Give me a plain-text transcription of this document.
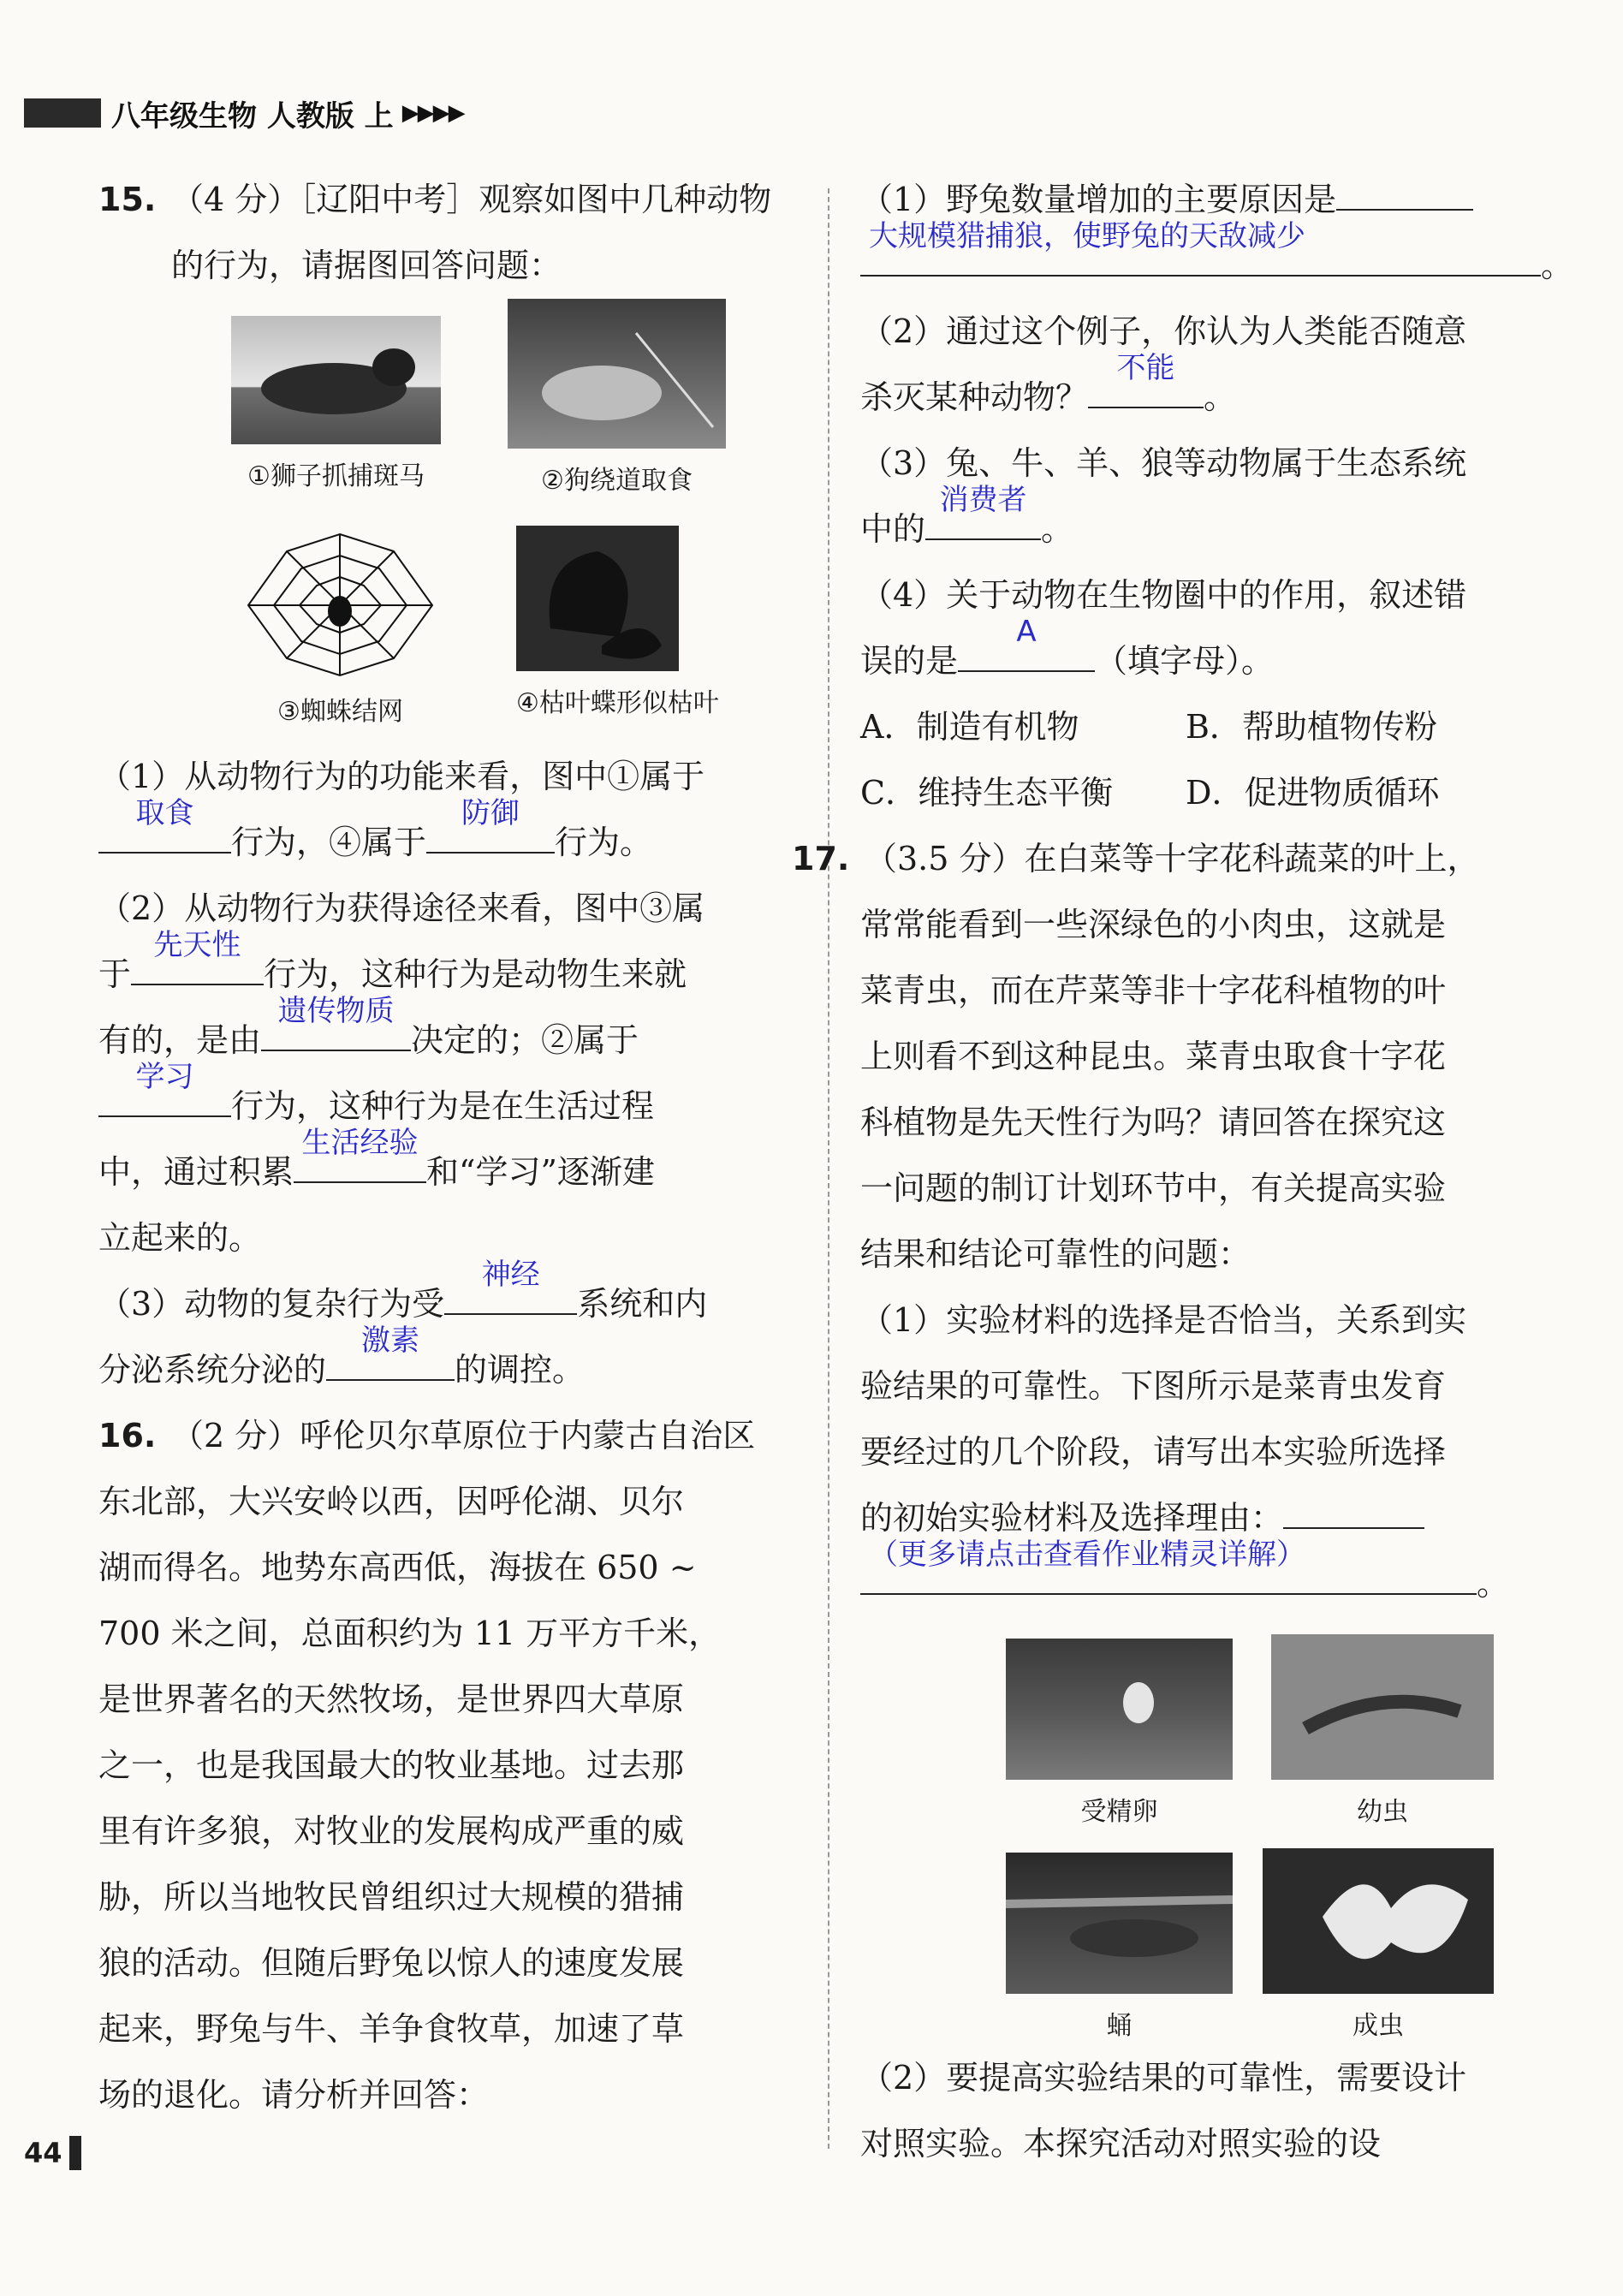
八年级生物 人教版 上 ▶▶▶▶
15. （4 分）［辽阳中考］观察如图中几种动物
的行为，请据图回答问题：
①狮子抓捕斑马	②狗绕道取食
③蜘蛛结网	④枯叶蝶形似枯叶
（1）从动物行为的功能来看，图中①属于
取食
行为，④属于
防御
行为。
（2）从动物行为获得途径来看，图中③属
于
先天性
行为，这种行为是动物生来就
有的，是由
遗传物质
决定的；②属于
学习
行为，这种行为是在生活过程
中，通过积累
生活经验
和“学习”逐渐建
立起来的。
（3）动物的复杂行为受
神经
系统和内
分泌系统分泌的
激素
的调控。
16. （2 分）呼伦贝尔草原位于内蒙古自治区
东北部，大兴安岭以西，因呼伦湖、贝尔
湖而得名。地势东高西低，海拔在 650 ~
700 米之间，总面积约为 11 万平方千米，
是世界著名的天然牧场，是世界四大草原
之一，也是我国最大的牧业基地。过去那
里有许多狼，对牧业的发展构成严重的威
胁，所以当地牧民曾组织过大规模的猎捕
狼的活动。但随后野兔以惊人的速度发展
起来，野兔与牛、羊争食牧草，加速了草
场的退化。请分析并回答：
（1）野兔数量增加的主要原因是
大规模猎捕狼，使野兔的天敌减少
。
（2）通过这个例子，你认为人类能否随意
杀灭某种动物？
不能
。
（3）兔、牛、羊、狼等动物属于生态系统
中的
消费者
。
（4）关于动物在生物圈中的作用，叙述错
误的是
A
（填字母）。
A．制造有机物	B．帮助植物传粉
C．维持生态平衡	D．促进物质循环
17. （3.5 分）在白菜等十字花科蔬菜的叶上，
常常能看到一些深绿色的小肉虫，这就是
菜青虫，而在芹菜等非十字花科植物的叶
上则看不到这种昆虫。菜青虫取食十字花
科植物是先天性行为吗？请回答在探究这
一问题的制订计划环节中，有关提高实验
结果和结论可靠性的问题：
（1）实验材料的选择是否恰当，关系到实
验结果的可靠性。下图所示是菜青虫发育
要经过的几个阶段，请写出本实验所选择
的初始实验材料及选择理由：
（更多请点击查看作业精灵详解）
。
受精卵	幼虫
蛹	成虫
（2）要提高实验结果的可靠性，需要设计
对照实验。本探究活动对照实验的设
44
